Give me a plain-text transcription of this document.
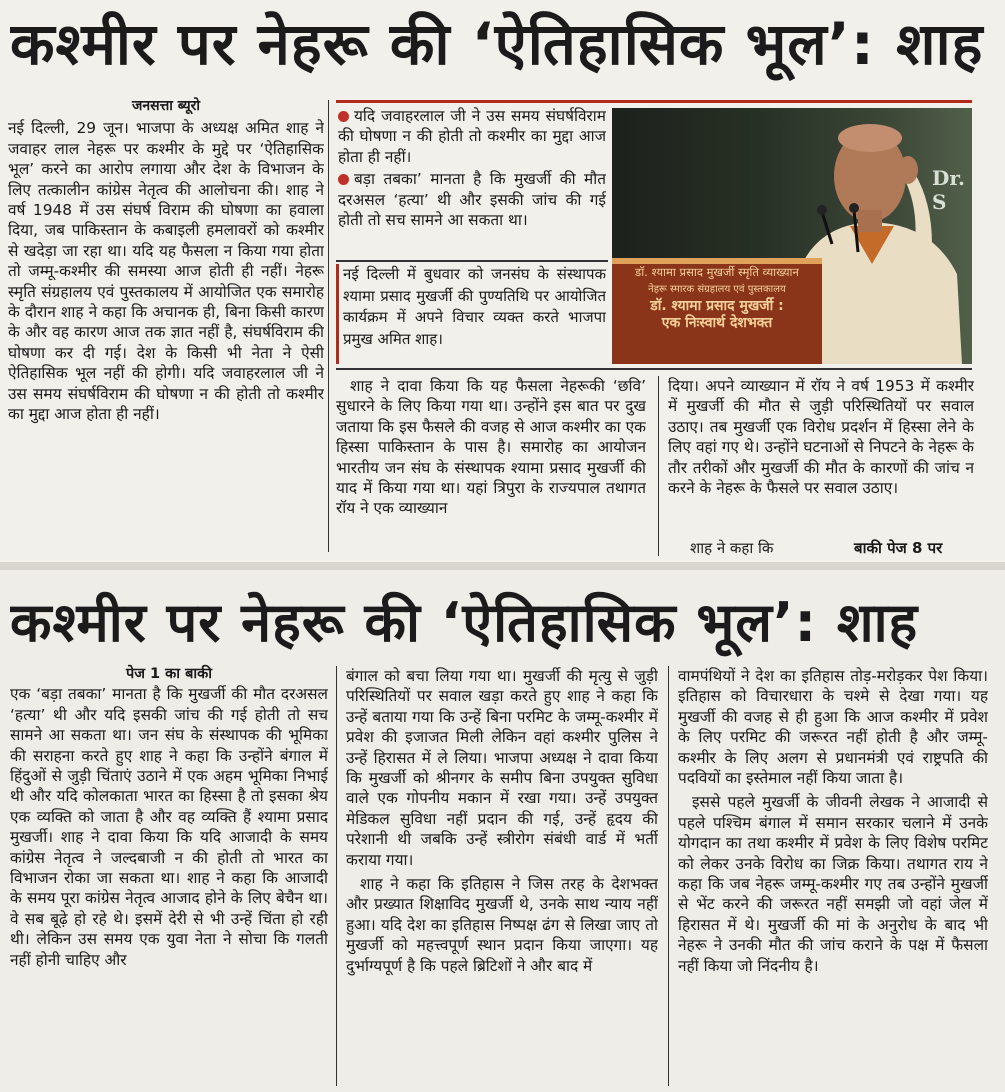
कश्मीर पर नेहरू की ‘ऐतिहासिक भूल’: शाह
जनसत्ता ब्यूरो

नई दिल्ली, 29 जून। भाजपा के अध्यक्ष अमित शाह ने जवाहर लाल नेहरू पर कश्मीर के मुद्दे पर ‘ऐतिहासिक भूल’ करने का आरोप लगाया और देश के विभाजन के लिए तत्कालीन कांग्रेस नेतृत्व की आलोचना की। शाह ने वर्ष 1948 में उस संघर्ष विराम की घोषणा का हवाला दिया, जब पाकिस्तान के कबाइली हमलावरों को कश्मीर से खदेड़ा जा रहा था। यदि यह फैसला न किया गया होता तो जम्मू-कश्मीर की समस्या आज होती ही नहीं। नेहरू स्मृति संग्रहालय एवं पुस्तकालय में आयोजित एक समारोह के दौरान शाह ने कहा कि अचानक ही, बिना किसी कारण के और वह कारण आज तक ज्ञात नहीं है, संघर्षविराम की घोषणा कर दी गई। देश के किसी भी नेता ने ऐसी ऐतिहासिक भूल नहीं की होगी। यदि जवाहरलाल जी ने उस समय संघर्षविराम की घोषणा न की होती तो कश्मीर का मुद्दा आज होता ही नहीं।

यदि जवाहरलाल जी ने उस समय संघर्षविराम की घोषणा न की होती तो कश्मीर का मुद्दा आज होता ही नहीं।
बड़ा तबका’ मानता है कि मुखर्जी की मौत दरअसल ‘हत्या’ थी और इसकी जांच की गई होती तो सच सामने आ सकता था।
नई दिल्ली में बुधवार को जनसंघ के संस्थापक श्यामा प्रसाद मुखर्जी की पुण्यतिथि पर आयोजित कार्यक्रम में अपने विचार व्यक्त करते भाजपा प्रमुख अमित शाह।
Dr. S
डॉ. श्यामा प्रसाद मुखर्जी स्मृति व्याख्यान
नेहरू स्मारक संग्रहालय एवं पुस्तकालय
डॉ. श्यामा प्रसाद मुखर्जी :
एक निःस्वार्थ देशभक्त

शाह ने दावा किया कि यह फैसला नेहरूकी ‘छवि’ सुधारने के लिए किया गया था। उन्होंने इस बात पर दुख जताया कि इस फैसले की वजह से आज कश्मीर का एक हिस्सा पाकिस्तान के पास है। समारोह का आयोजन भारतीय जन संघ के संस्थापक श्यामा प्रसाद मुखर्जी की याद में किया गया था। यहां त्रिपुरा के राज्यपाल तथागत रॉय ने एक व्याख्यान

दिया। अपने व्याख्यान में रॉय ने वर्ष 1953 में कश्मीर में मुखर्जी की मौत से जुड़ी परिस्थितियों पर सवाल उठाए। तब मुखर्जी एक विरोध प्रदर्शन में हिस्सा लेने के लिए वहां गए थे। उन्होंने घटनाओं से निपटने के नेहरू के तौर तरीकों और मुखर्जी की मौत के कारणों की जांच न करने के नेहरू के फैसले पर सवाल उठाए।

शाह ने कहा कि	बाकी पेज 8 पर
कश्मीर पर नेहरू की ‘ऐतिहासिक भूल’: शाह
पेज 1 का बाकी

एक ‘बड़ा तबका’ मानता है कि मुखर्जी की मौत दरअसल ‘हत्या’ थी और यदि इसकी जांच की गई होती तो सच सामने आ सकता था। जन संघ के संस्थापक की भूमिका की सराहना करते हुए शाह ने कहा कि उन्होंने बंगाल में हिंदुओं से जुड़ी चिंताएं उठाने में एक अहम भूमिका निभाई थी और यदि कोलकाता भारत का हिस्सा है तो इसका श्रेय एक व्यक्ति को जाता है और वह व्यक्ति हैं श्यामा प्रसाद मुखर्जी। शाह ने दावा किया कि यदि आजादी के समय कांग्रेस नेतृत्व ने जल्दबाजी न की होती तो भारत का विभाजन रोका जा सकता था। शाह ने कहा कि आजादी के समय पूरा कांग्रेस नेतृत्व आजाद होने के लिए बेचैन था। वे सब बूढ़े हो रहे थे। इसमें देरी से भी उन्हें चिंता हो रही थी। लेकिन उस समय एक युवा नेता ने सोचा कि गलती नहीं होनी चाहिए और

बंगाल को बचा लिया गया था। मुखर्जी की मृत्यु से जुड़ी परिस्थितियों पर सवाल खड़ा करते हुए शाह ने कहा कि उन्हें बताया गया कि उन्हें बिना परमिट के जम्मू-कश्मीर में प्रवेश की इजाजत मिली लेकिन वहां कश्मीर पुलिस ने उन्हें हिरासत में ले लिया। भाजपा अध्यक्ष ने दावा किया कि मुखर्जी को श्रीनगर के समीप बिना उपयुक्त सुविधा वाले एक गोपनीय मकान में रखा गया। उन्हें उपयुक्त मेडिकल सुविधा नहीं प्रदान की गई, उन्हें हृदय की परेशानी थी जबकि उन्हें स्त्रीरोग संबंधी वार्ड में भर्ती कराया गया।

शाह ने कहा कि इतिहास ने जिस तरह के देशभक्त और प्रख्यात शिक्षाविद मुखर्जी थे, उनके साथ न्याय नहीं हुआ। यदि देश का इतिहास निष्पक्ष ढंग से लिखा जाए तो मुखर्जी को महत्त्वपूर्ण स्थान प्रदान किया जाएगा। यह दुर्भाग्यपूर्ण है कि पहले ब्रिटिशों ने और बाद में

वामपंथियों ने देश का इतिहास तोड़-मरोड़कर पेश किया। इतिहास को विचारधारा के चश्मे से देखा गया। यह मुखर्जी की वजह से ही हुआ कि आज कश्मीर में प्रवेश के लिए परमिट की जरूरत नहीं होती है और जम्मू-कश्मीर के लिए अलग से प्रधानमंत्री एवं राष्ट्रपति की पदवियों का इस्तेमाल नहीं किया जाता है।

इससे पहले मुखर्जी के जीवनी लेखक ने आजादी से पहले पश्चिम बंगाल में समान सरकार चलाने में उनके योगदान का तथा कश्मीर में प्रवेश के लिए विशेष परमिट को लेकर उनके विरोध का जिक्र किया। तथागत राय ने कहा कि जब नेहरू जम्मू-कश्मीर गए तब उन्होंने मुखर्जी से भेंट करने की जरूरत नहीं समझी जो वहां जेल में हिरासत में थे। मुखर्जी की मां के अनुरोध के बाद भी नेहरू ने उनकी मौत की जांच कराने के पक्ष में फैसला नहीं किया जो निंदनीय है।
